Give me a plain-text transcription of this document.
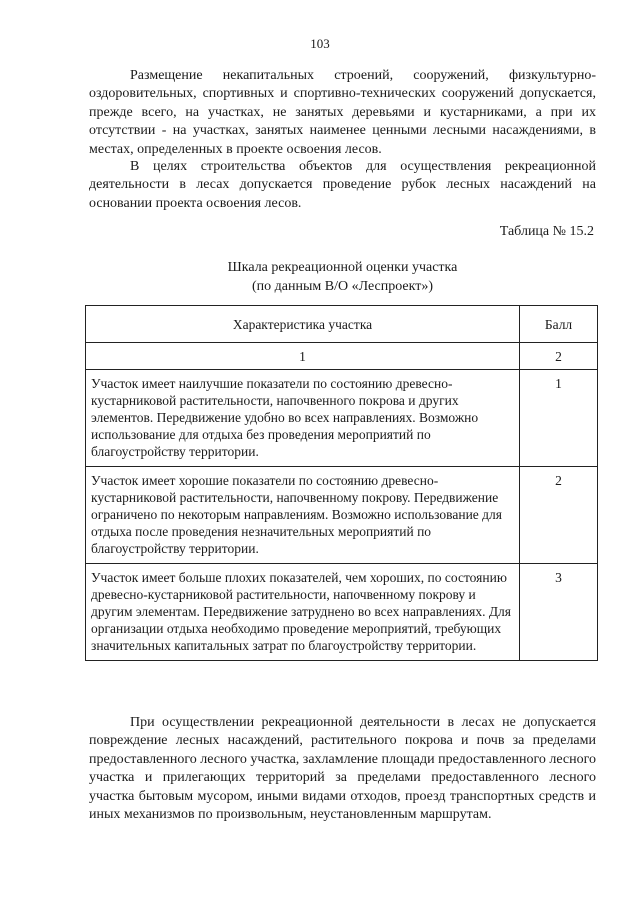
103

Размещение некапитальных строений, сооружений, физкультурно-оздоровительных, спортивных и спортивно-технических сооружений допускается, прежде всего, на участках, не занятых деревьями и кустарниками, а при их отсутствии - на участках, занятых наименее ценными лесными насаждениями, в местах, определенных в проекте освоения лесов.

В целях строительства объектов для осуществления рекреационной деятельности в лесах допускается проведение рубок лесных насаждений на основании проекта освоения лесов.

Таблица № 15.2
Шкала рекреационной оценки участка
(по данным В/О «Леспроект»)
Характеристика участка	Балл
1	2
Участок имеет наилучшие показатели по состоянию древесно-кустарниковой растительности, напочвенного покрова и других элементов. Передвижение удобно во всех направлениях. Возможно использование для отдыха без проведения мероприятий по благоустройству территории.	1
Участок имеет хорошие показатели по состоянию древесно-кустарниковой растительности, напочвенному покрову. Передвижение ограничено по некоторым направлениям. Возможно использование для отдыха после проведения незначительных мероприятий по благоустройству территории.	2
Участок имеет больше плохих показателей, чем хороших, по состоянию древесно-кустарниковой растительности, напочвенному покрову и другим элементам. Передвижение затруднено во всех направлениях. Для организации отдыха необходимо проведение мероприятий, требующих значительных капитальных затрат по благоустройству территории.	3

При осуществлении рекреационной деятельности в лесах не допускается повреждение лесных насаждений, растительного покрова и почв за пределами предоставленного лесного участка, захламление площади предоставленного лесного участка и прилегающих территорий за пределами предоставленного лесного участка бытовым мусором, иными видами отходов, проезд транспортных средств и иных механизмов по произвольным, неустановленным маршрутам.
